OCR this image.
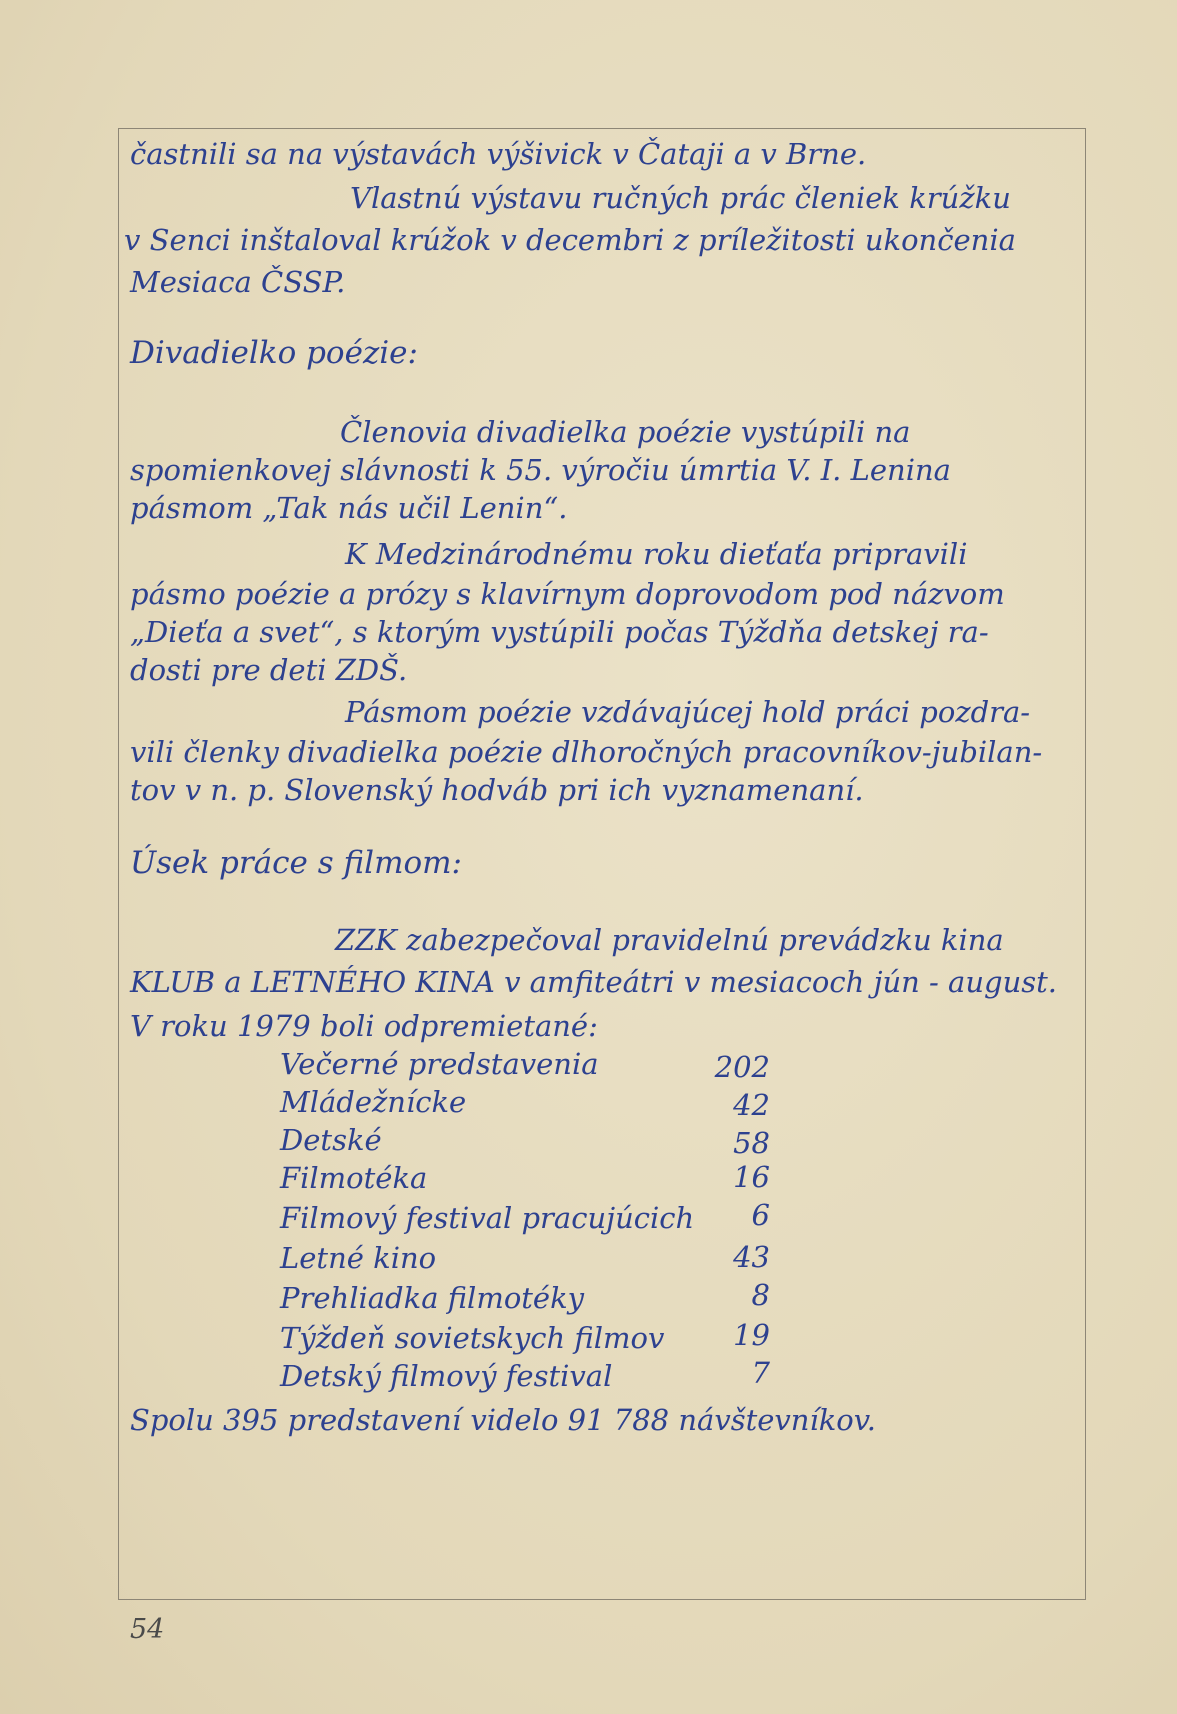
častnili sa na výstavách výšivick v Čataji a v Brne.
Vlastnú výstavu ručných prác členiek krúžku
v Senci inštaloval krúžok v decembri z príležitosti ukončenia
Mesiaca ČSSP.
Divadielko poézie:
Členovia divadielka poézie vystúpili na
spomienkovej slávnosti k 55. výročiu úmrtia V. I. Lenina
pásmom „Tak nás učil Lenin“.
K Medzinárodnému roku dieťaťa pripravili
pásmo poézie a prózy s klavírnym doprovodom pod názvom
„Dieťa a svet“, s ktorým vystúpili počas Týždňa detskej ra-
dosti pre deti ZDŠ.
Pásmom poézie vzdávajúcej hold práci pozdra-
vili členky divadielka poézie dlhoročných pracovníkov-jubilan-
tov v n. p. Slovenský hodváb pri ich vyznamenaní.
Úsek práce s filmom:
ZZK zabezpečoval pravidelnú prevádzku kina
KLUB a LETNÉHO KINA v amfiteátri v mesiacoch jún - august.
V roku 1979 boli odpremietané:
Večerné predstavenia	202
Mládežnícke	42
Detské	58
Filmotéka	16
Filmový festival pracujúcich	6
Letné kino	43
Prehliadka filmotéky	8
Týždeň sovietskych filmov	19
Detský filmový festival	7
Spolu 395 predstavení videlo 91 788 návštevníkov.
54
